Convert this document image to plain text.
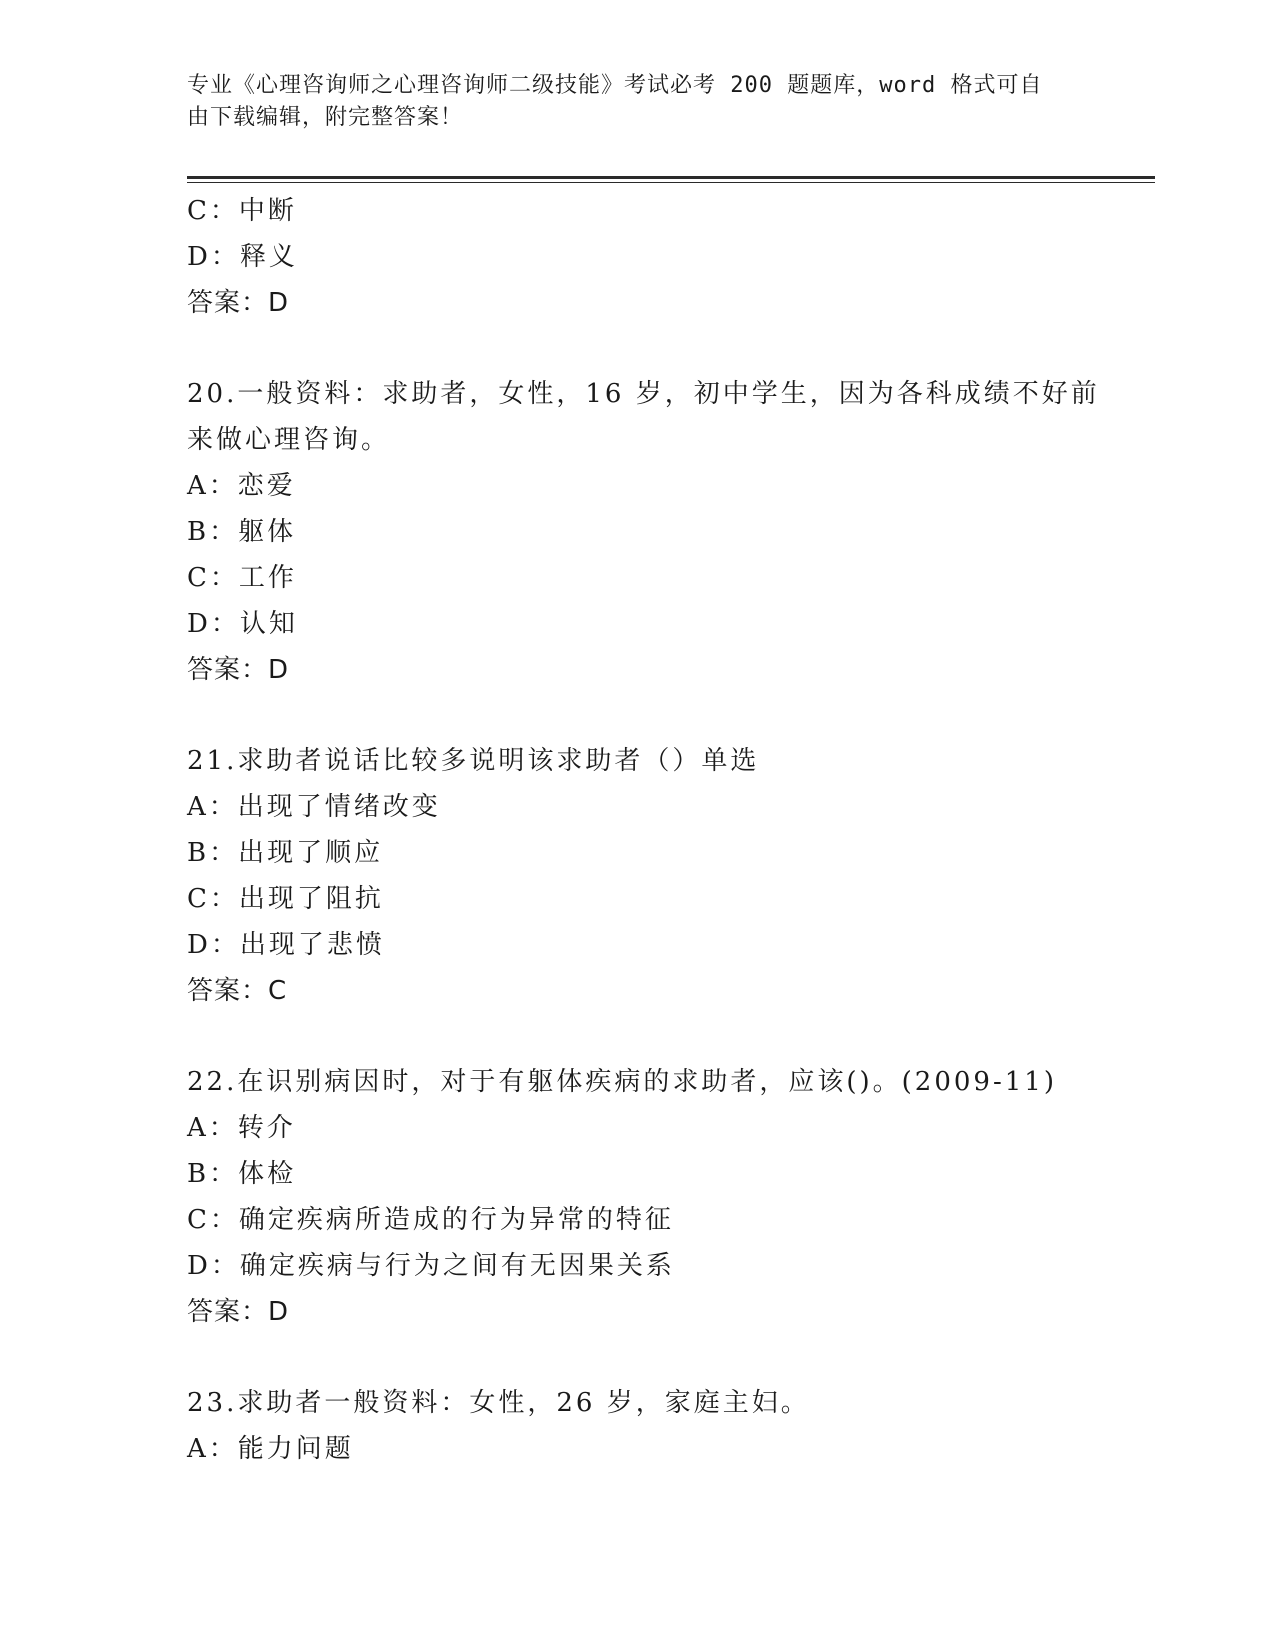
专业《心理咨询师之心理咨询师二级技能》考试必考 200 题题库，word 格式可自
由下载编辑，附完整答案！
C：中断
D：释义
答案：D
20.一般资料：求助者，女性，16 岁，初中学生，因为各科成绩不好前
来做心理咨询。
A：恋爱
B：躯体
C：工作
D：认知
答案：D
21.求助者说话比较多说明该求助者（）单选
A：出现了情绪改变
B：出现了顺应
C：出现了阻抗
D：出现了悲愤
答案：C
22.在识别病因时，对于有躯体疾病的求助者，应该()。(2009-11)
A：转介
B：体检
C：确定疾病所造成的行为异常的特征
D：确定疾病与行为之间有无因果关系
答案：D
23.求助者一般资料：女性，26 岁，家庭主妇。
A：能力问题
